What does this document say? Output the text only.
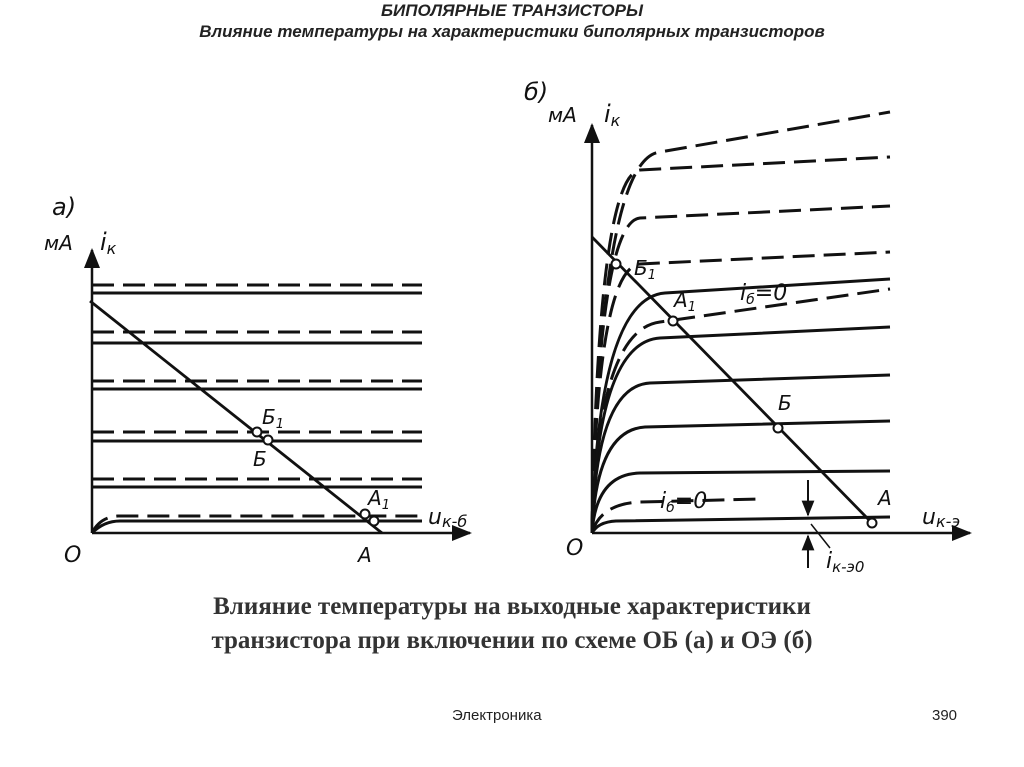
БИПОЛЯРНЫЕ ТРАНЗИСТОРЫ
Влияние температуры на характеристики биполярных транзисторов
а)
мА iк
uк-б
О
$Б_1$
Б
$А_1$
А
б)
мА iк
uк-э
О
$Б_1$
$А_1$
Б
А
iб=0
iб=0
iк-э0
Влияние температуры на выходные характеристики
транзистора при включении по схеме ОБ (а) и ОЭ (б)
Электроника	390
